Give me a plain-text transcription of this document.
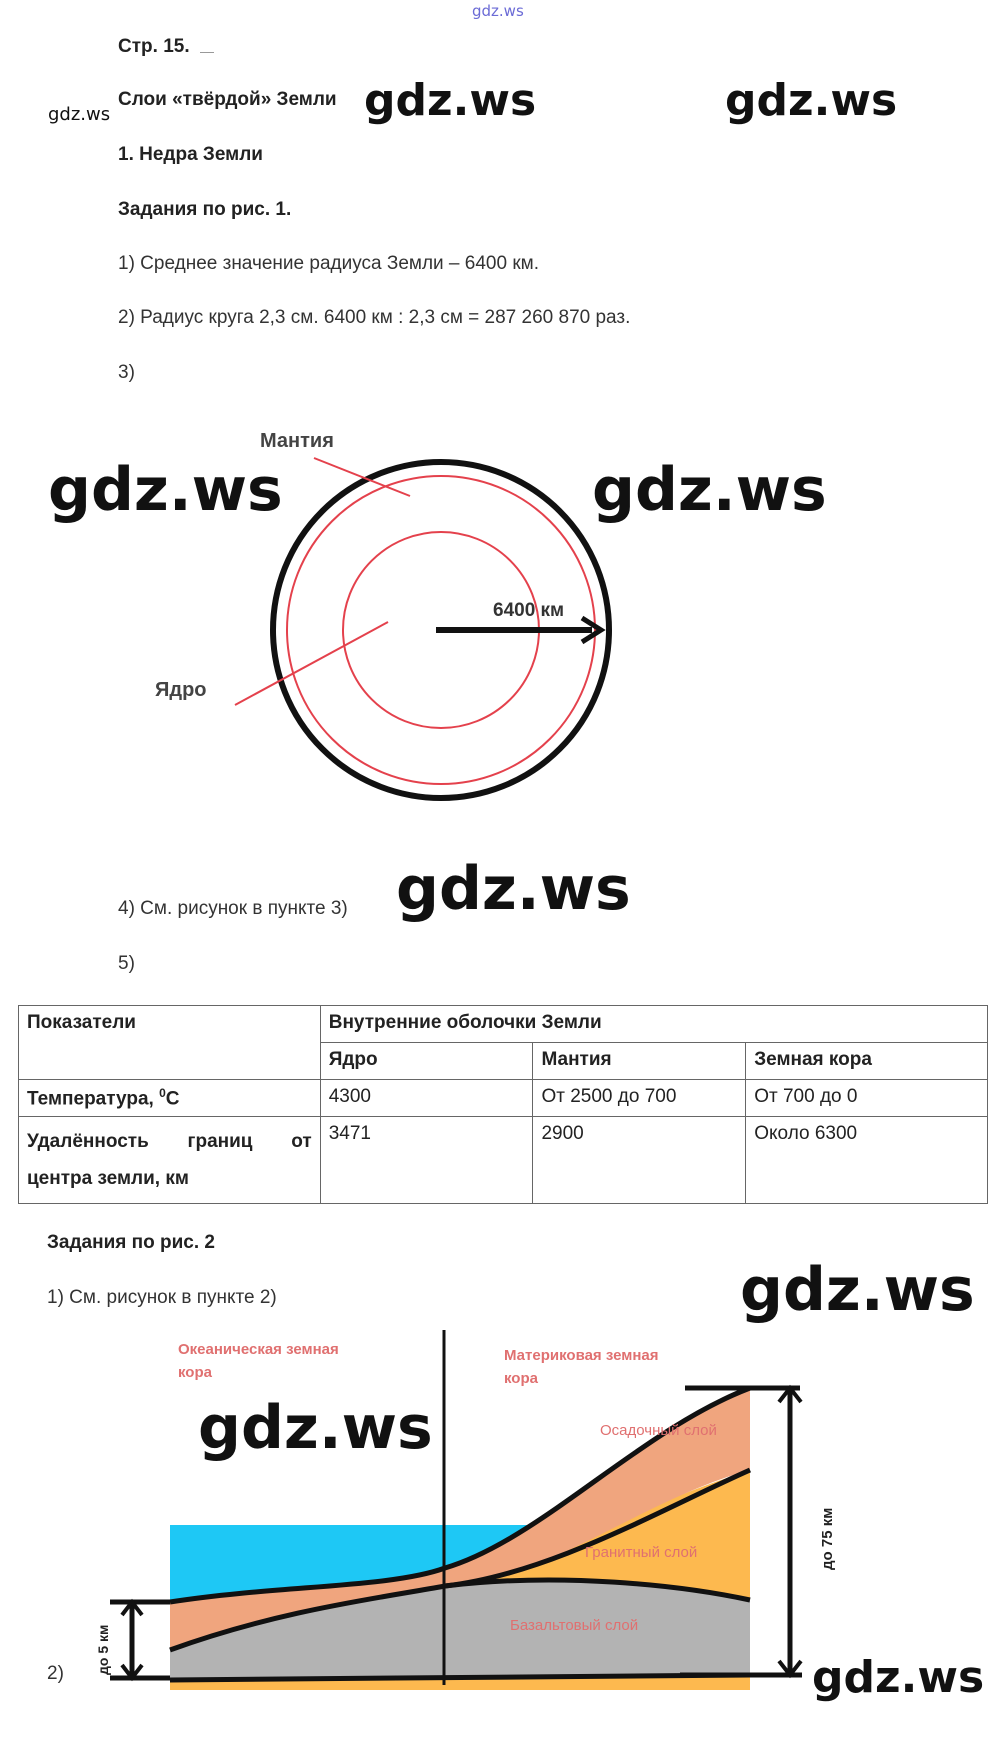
gdz.ws
gdz.ws	gdz.ws	gdz.ws
Стр. 15.
Слои «твёрдой» Земли
1. Недра Земли
Задания по рис. 1.
1) Среднее значение радиуса Земли – 6400 км.
2) Радиус круга 2,3 см. 6400 км : 2,3 см = 287 260 870 раз.
3)
Мантия
Ядро
6400 км
gdz.ws	gdz.ws
4) См. рисунок в пункте 3) gdz.ws
5)
Показатели	Внутренние оболочки Земли		
	Ядро	Мантия	Земная кора
Температура, $^0$С	4300	От 2500 до 700	От 700 до 0

Удалённость границ от
центра земли, км	3471	2900	Около 6300
Задания по рис. 2
1) См. рисунок в пункте 2)	gdz.ws
Океаническая земная
кора
Материковая земная
кора
Осадочный слой
Гранитный слой
Базальтовый слой
до 5 км
до 75 км
gdz.ws
2)	gdz.ws
